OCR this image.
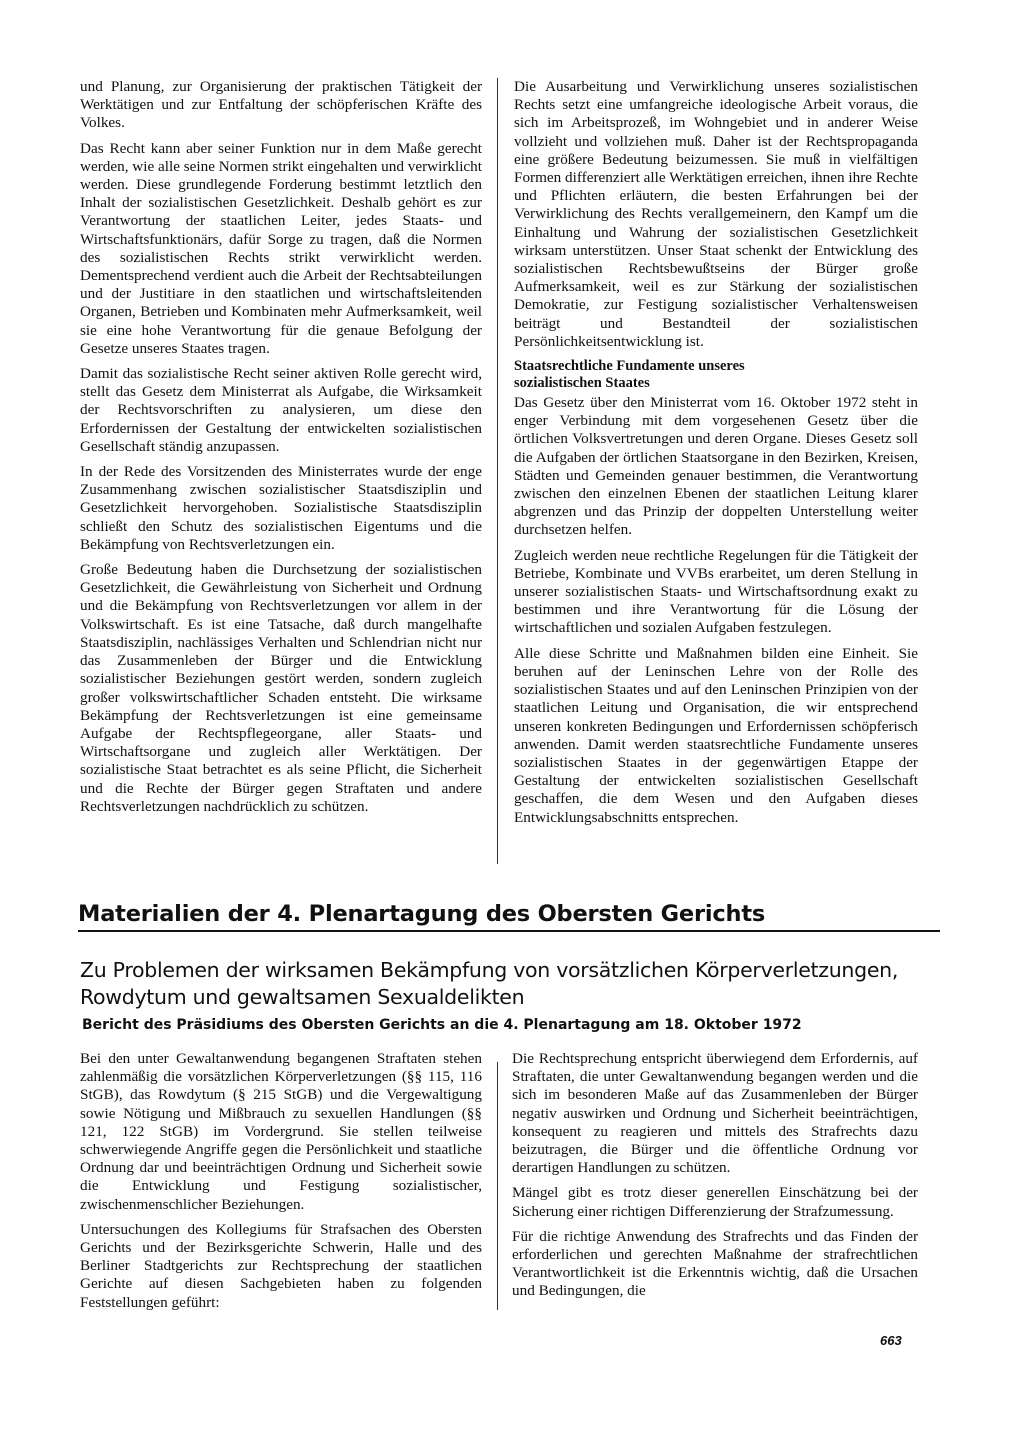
und Planung, zur Organisierung der praktischen Tätigkeit der Werktätigen und zur Entfaltung der schöpferischen Kräfte des Volkes.

Das Recht kann aber seiner Funktion nur in dem Maße gerecht werden, wie alle seine Normen strikt eingehalten und verwirklicht werden. Diese grundlegende Forderung bestimmt letztlich den Inhalt der sozialistischen Gesetzlichkeit. Deshalb gehört es zur Verantwortung der staatlichen Leiter, jedes Staats- und Wirtschaftsfunktionärs, dafür Sorge zu tragen, daß die Normen des sozialistischen Rechts strikt verwirklicht werden. Dementsprechend verdient auch die Arbeit der Rechtsabteilungen und der Justitiare in den staatlichen und wirtschaftsleitenden Organen, Betrieben und Kombinaten mehr Aufmerksamkeit, weil sie eine hohe Verantwortung für die genaue Befolgung der Gesetze unseres Staates tragen.

Damit das sozialistische Recht seiner aktiven Rolle gerecht wird, stellt das Gesetz dem Ministerrat als Aufgabe, die Wirksamkeit der Rechtsvorschriften zu analysieren, um diese den Erfordernissen der Gestaltung der entwickelten sozialistischen Gesellschaft ständig anzupassen.

In der Rede des Vorsitzenden des Ministerrates wurde der enge Zusammenhang zwischen sozialistischer Staatsdisziplin und Gesetzlichkeit hervorgehoben. Sozialistische Staatsdisziplin schließt den Schutz des sozialistischen Eigentums und die Bekämpfung von Rechtsverletzungen ein.

Große Bedeutung haben die Durchsetzung der sozialistischen Gesetzlichkeit, die Gewährleistung von Sicherheit und Ordnung und die Bekämpfung von Rechtsverletzungen vor allem in der Volkswirtschaft. Es ist eine Tatsache, daß durch mangelhafte Staatsdisziplin, nachlässiges Verhalten und Schlendrian nicht nur das Zusammenleben der Bürger und die Entwicklung sozialistischer Beziehungen gestört werden, sondern zugleich großer volkswirtschaftlicher Schaden entsteht. Die wirksame Bekämpfung der Rechtsverletzungen ist eine gemeinsame Aufgabe der Rechtspflegeorgane, aller Staats- und Wirtschaftsorgane und zugleich aller Werktätigen. Der sozialistische Staat betrachtet es als seine Pflicht, die Sicherheit und die Rechte der Bürger gegen Straftaten und andere Rechtsverletzungen nachdrücklich zu schützen.

Die Ausarbeitung und Verwirklichung unseres sozialistischen Rechts setzt eine umfangreiche ideologische Arbeit voraus, die sich im Arbeitsprozeß, im Wohngebiet und in anderer Weise vollzieht und vollziehen muß. Daher ist der Rechtspropaganda eine größere Bedeutung beizumessen. Sie muß in vielfältigen Formen differenziert alle Werktätigen erreichen, ihnen ihre Rechte und Pflichten erläutern, die besten Erfahrungen bei der Verwirklichung des Rechts verallgemeinern, den Kampf um die Einhaltung und Wahrung der sozialistischen Gesetzlichkeit wirksam unterstützen. Unser Staat schenkt der Entwicklung des sozialistischen Rechtsbewußtseins der Bürger große Aufmerksamkeit, weil es zur Stärkung der sozialistischen Demokratie, zur Festigung sozialistischer Verhaltensweisen beiträgt und Bestandteil der sozialistischen Persönlichkeitsentwicklung ist.

Staatsrechtliche Fundamente unseres
sozialistischen Staates

Das Gesetz über den Ministerrat vom 16. Oktober 1972 steht in enger Verbindung mit dem vorgesehenen Gesetz über die örtlichen Volksvertretungen und deren Organe. Dieses Gesetz soll die Aufgaben der örtlichen Staatsorgane in den Bezirken, Kreisen, Städten und Gemeinden genauer bestimmen, die Verantwortung zwischen den einzelnen Ebenen der staatlichen Leitung klarer abgrenzen und das Prinzip der doppelten Unterstellung weiter durchsetzen helfen.

Zugleich werden neue rechtliche Regelungen für die Tätigkeit der Betriebe, Kombinate und VVBs erarbeitet, um deren Stellung in unserer sozialistischen Staats- und Wirtschaftsordnung exakt zu bestimmen und ihre Verantwortung für die Lösung der wirtschaftlichen und sozialen Aufgaben festzulegen.

Alle diese Schritte und Maßnahmen bilden eine Einheit. Sie beruhen auf der Leninschen Lehre von der Rolle des sozialistischen Staates und auf den Leninschen Prinzipien von der staatlichen Leitung und Organisation, die wir entsprechend unseren konkreten Bedingungen und Erfordernissen schöpferisch anwenden. Damit werden staatsrechtliche Fundamente unseres sozialistischen Staates in der gegenwärtigen Etappe der Gestaltung der entwickelten sozialistischen Gesellschaft geschaffen, die dem Wesen und den Aufgaben dieses Entwicklungsabschnitts entsprechen.

Materialien der 4. Plenartagung des Obersten Gerichts
Zu Problemen der wirksamen Bekämpfung von vorsätzlichen Körperverletzungen,
Rowdytum und gewaltsamen Sexualdelikten
Bericht des Präsidiums des Obersten Gerichts an die 4. Plenartagung am 18. Oktober 1972

Bei den unter Gewaltanwendung begangenen Straftaten stehen zahlenmäßig die vorsätzlichen Körperverletzungen (§§ 115, 116 StGB), das Rowdytum (§ 215 StGB) und die Vergewaltigung sowie Nötigung und Mißbrauch zu sexuellen Handlungen (§§ 121, 122 StGB) im Vordergrund. Sie stellen teilweise schwerwiegende Angriffe gegen die Persönlichkeit und staatliche Ordnung dar und beeinträchtigen Ordnung und Sicherheit sowie die Entwicklung und Festigung sozialistischer, zwischenmenschlicher Beziehungen.

Untersuchungen des Kollegiums für Strafsachen des Obersten Gerichts und der Bezirksgerichte Schwerin, Halle und des Berliner Stadtgerichts zur Rechtsprechung der staatlichen Gerichte auf diesen Sachgebieten haben zu folgenden Feststellungen geführt:

Die Rechtsprechung entspricht überwiegend dem Erfordernis, auf Straftaten, die unter Gewaltanwendung begangen werden und die sich im besonderen Maße auf das Zusammenleben der Bürger negativ auswirken und Ordnung und Sicherheit beeinträchtigen, konsequent zu reagieren und mittels des Strafrechts dazu beizutragen, die Bürger und die öffentliche Ordnung vor derartigen Handlungen zu schützen.

Mängel gibt es trotz dieser generellen Einschätzung bei der Sicherung einer richtigen Differenzierung der Strafzumessung.

Für die richtige Anwendung des Strafrechts und das Finden der erforderlichen und gerechten Maßnahme der strafrechtlichen Verantwortlichkeit ist die Erkenntnis wichtig, daß die Ursachen und Bedingungen, die

663
